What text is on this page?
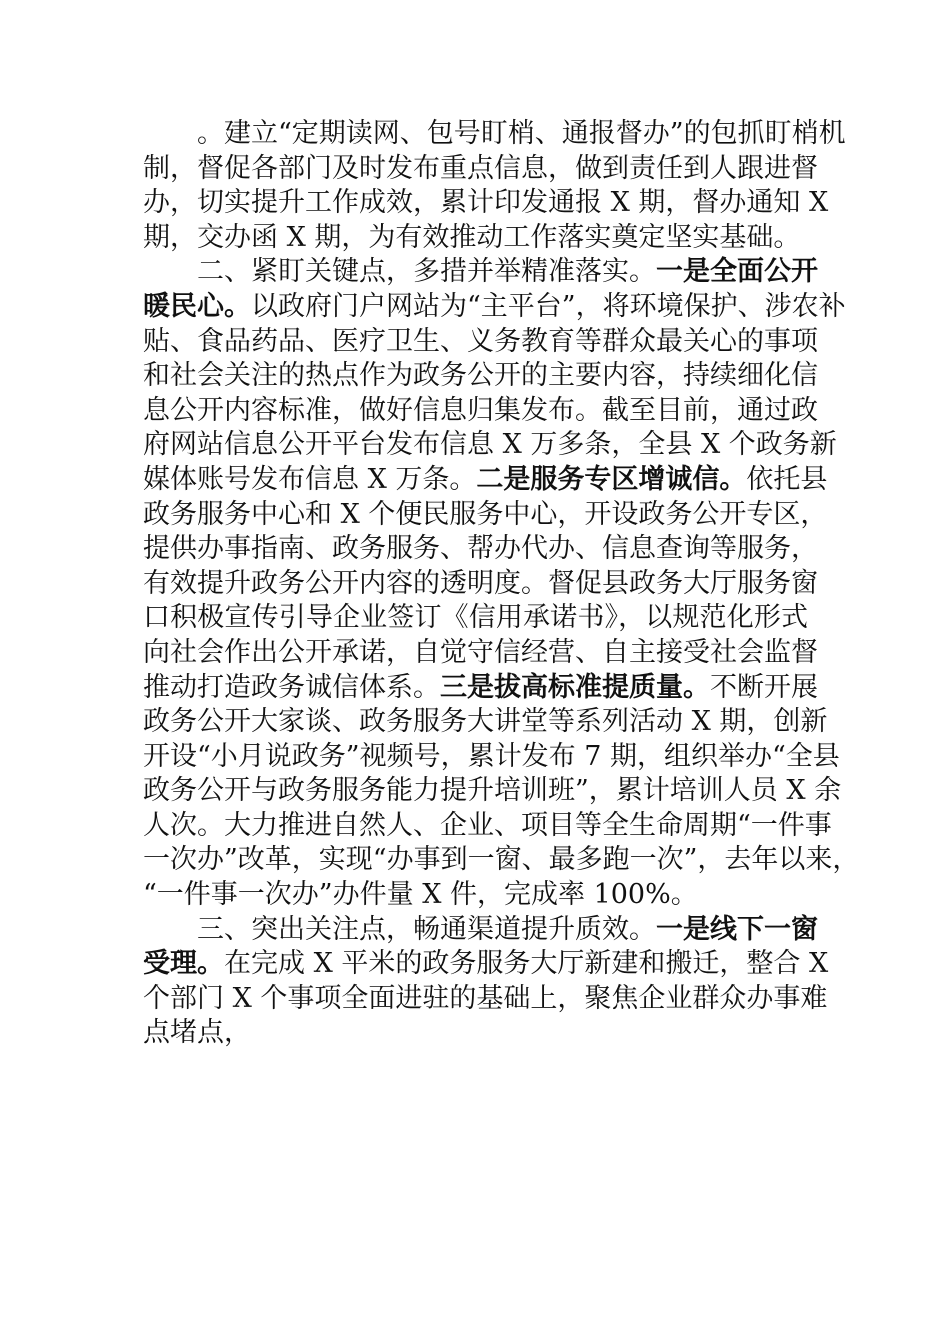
。建立“定期读网、包号盯梢、通报督办”的包抓盯梢机
制，督促各部门及时发布重点信息，做到责任到人跟进督
办，切实提升工作成效，累计印发通报 X 期，督办通知 X
期，交办函 X 期，为有效推动工作落实奠定坚实基础。
二、紧盯关键点，多措并举精准落实。一是全面公开
暖民心。以政府门户网站为“主平台”，将环境保护、涉农补
贴、食品药品、医疗卫生、义务教育等群众最关心的事项
和社会关注的热点作为政务公开的主要内容，持续细化信
息公开内容标准，做好信息归集发布。截至目前，通过政
府网站信息公开平台发布信息 X 万多条，全县 X 个政务新
媒体账号发布信息 X 万条。二是服务专区增诚信。依托县
政务服务中心和 X 个便民服务中心，开设政务公开专区，
提供办事指南、政务服务、帮办代办、信息查询等服务，
有效提升政务公开内容的透明度。督促县政务大厅服务窗
口积极宣传引导企业签订《信用承诺书》，以规范化形式
向社会作出公开承诺，自觉守信经营、自主接受社会监督
推动打造政务诚信体系。三是拔高标准提质量。不断开展
政务公开大家谈、政务服务大讲堂等系列活动 X 期，创新
开设“小月说政务”视频号，累计发布 7 期，组织举办“全县
政务公开与政务服务能力提升培训班”，累计培训人员 X 余
人次。大力推进自然人、企业、项目等全生命周期“一件事
一次办”改革，实现“办事到一窗、最多跑一次”，去年以来，
“一件事一次办”办件量 X 件，完成率 100%。
三、突出关注点，畅通渠道提升质效。一是线下一窗
受理。在完成 X 平米的政务服务大厅新建和搬迁，整合 X
个部门 X 个事项全面进驻的基础上，聚焦企业群众办事难
点堵点，
